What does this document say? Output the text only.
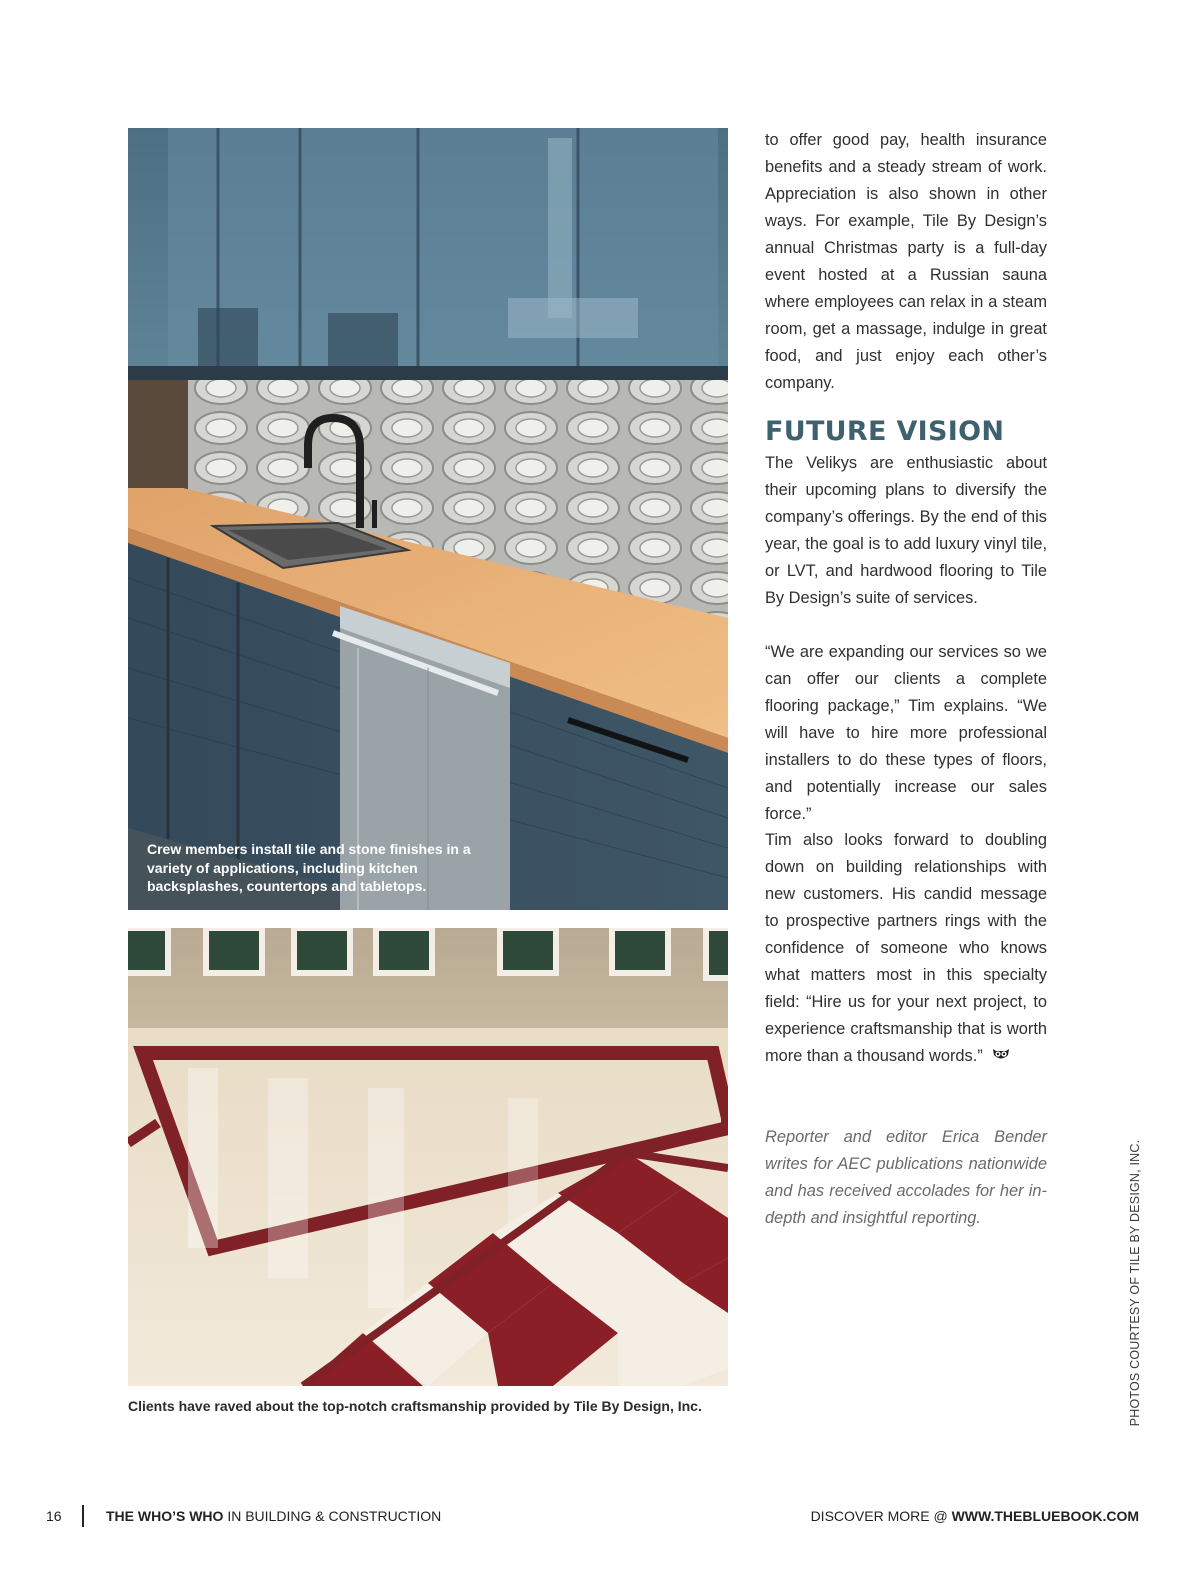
Crew members install tile and stone finishes in a variety of applications, including kitchen backsplashes, countertops and tabletops.
Clients have raved about the top-notch craftsmanship provided by Tile By Design, Inc.

to offer good pay, health insurance benefits and a steady stream of work. Appreciation is also shown in other ways. For example, Tile By Design’s annual Christmas party is a full-day event hosted at a Russian sauna where employees can relax in a steam room, get a massage, indulge in great food, and just enjoy each other’s company.

FUTURE VISION

The Velikys are enthusiastic about their upcoming plans to diversify the company’s offerings. By the end of this year, the goal is to add luxury vinyl tile, or LVT, and hardwood flooring to Tile By Design’s suite of services.

“We are expanding our services so we can offer our clients a complete flooring package,” Tim explains. “We will have to hire more professional installers to do these types of floors, and potentially increase our sales force.”

Tim also looks forward to doubling down on building relationships with new customers. His candid message to prospective partners rings with the confidence of someone who knows what matters most in this specialty field: “Hire us for your next project, to experience craftsmanship that is worth more than a thousand words.”

Reporter and editor Erica Bender writes for AEC publications nationwide and has received accolades for her in-depth and insightful reporting.	PHOTOS COURTESY OF TILE BY DESIGN, INC.
16	THE WHO’S WHO IN BUILDING & CONSTRUCTION	DISCOVER MORE @ WWW.THEBLUEBOOK.COM
